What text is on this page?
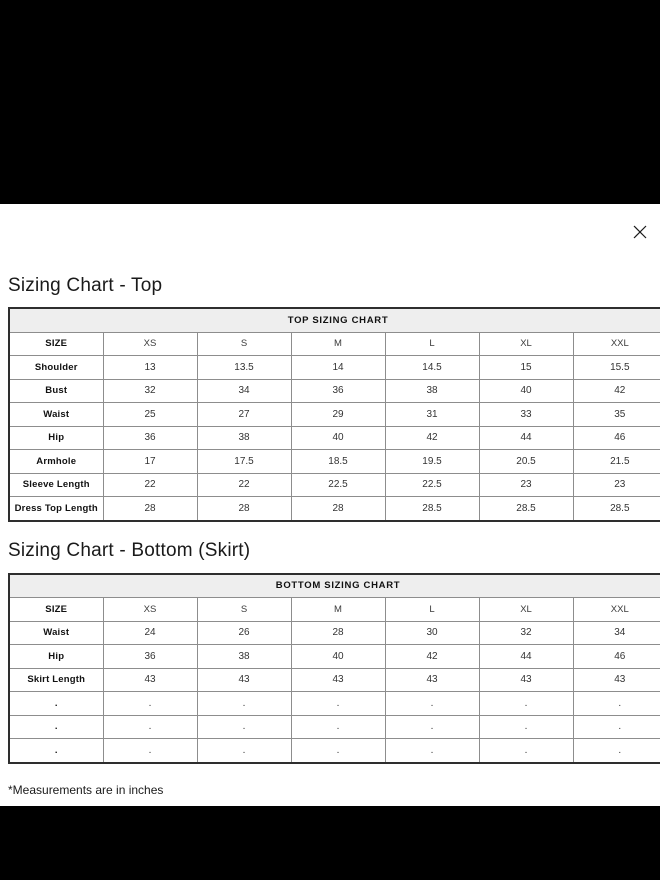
Sizing Chart - Top
TOP SIZING CHART						
SIZE	XS	S	M	L	XL	XXL
Shoulder	13	13.5	14	14.5	15	15.5
Bust	32	34	36	38	40	42
Waist	25	27	29	31	33	35
Hip	36	38	40	42	44	46
Armhole	17	17.5	18.5	19.5	20.5	21.5
Sleeve Length	22	22	22.5	22.5	23	23
Dress Top Length	28	28	28	28.5	28.5	28.5
Sizing Chart - Bottom (Skirt)
BOTTOM SIZING CHART						
SIZE	XS	S	M	L	XL	XXL
Waist	24	26	28	30	32	34
Hip	36	38	40	42	44	46
Skirt Length	43	43	43	43	43	43
.	.	.	.	.	.	.
.	.	.	.	.	.	.
.	.	.	.	.	.	.

*Measurements are in inches
